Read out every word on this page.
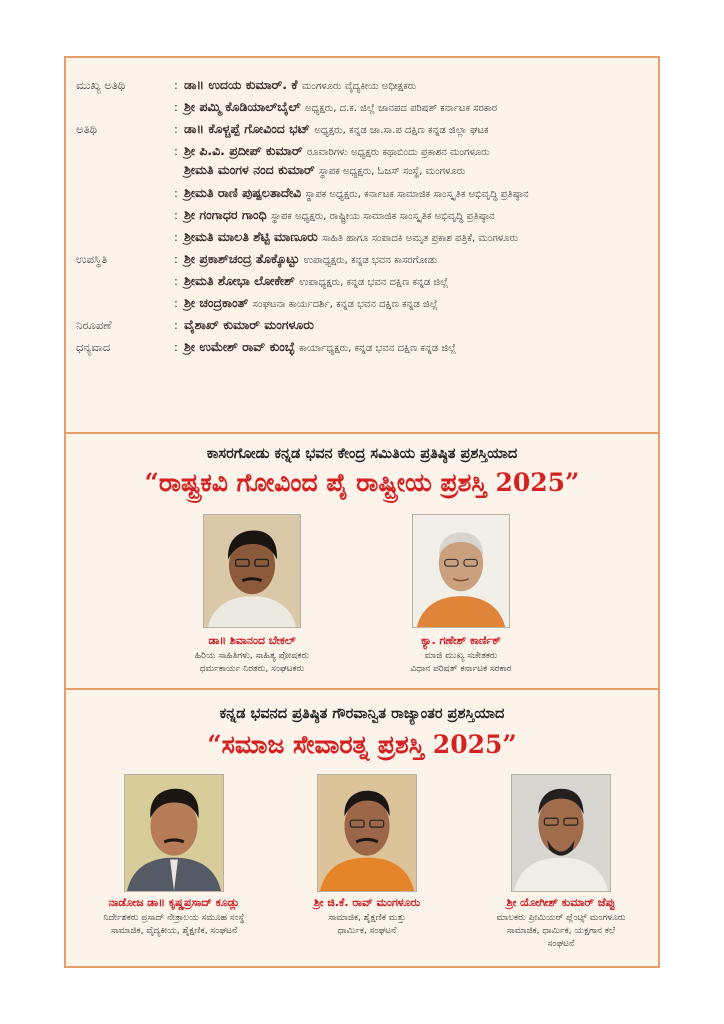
ಮುಖ್ಯ ಅತಿಥಿ	: ಡಾ॥ ಉದಯ ಕುಮಾರ್. ಕೆ ಮಂಗಳೂರು ವೈದ್ಯಕೀಯ ಅಧೀಕ್ಷಕರು
: ಶ್ರೀ ಪಮ್ಮಿ ಕೊಡಿಯಾಲ್‌ಬೈಲ್ ಅಧ್ಯಕ್ಷರು, ದ.ಕ. ಜಿಲ್ಲೆ ಜಾನಪದ ಪರಿಷತ್ ಕರ್ನಾಟಕ ಸರಕಾರ
ಅತಿಥಿ	: ಡಾ॥ ಕೊಳ್ಚಪ್ಪೆ ಗೋವಿಂದ ಭಟ್ ಅಧ್ಯಕ್ಷರು, ಕನ್ನಡ ಜಾ.ಸಾ.ಪ ದಕ್ಷಿಣ ಕನ್ನಡ ಜಿಲ್ಲಾ ಘಟಕ
: ಶ್ರೀ ಪಿ.ವಿ. ಪ್ರದೀಪ್ ಕುಮಾರ್ ರೂವಾರಿಗಳು ಅಧ್ಯಕ್ಷರು ಕಥಾಬಿಂದು ಪ್ರಕಾಶನ ಮಂಗಳೂರು
ಶ್ರೀಮತಿ ಮಂಗಳ ನಂದ ಕುಮಾರ್ ಸ್ಥಾಪಕ ಅಧ್ಯಕ್ಷರು, ಓಜಸ್ ಸಂಸ್ಥೆ, ಮಂಗಳೂರು
: ಶ್ರೀಮತಿ ರಾಣಿ ಪುಷ್ಪಲತಾದೇವಿ ಸ್ಥಾಪಕ ಅಧ್ಯಕ್ಷರು, ಕರ್ನಾಟಕ ಸಾಮಾಜಿಕ ಸಾಂಸ್ಕೃತಿಕ ಅಭಿವೃದ್ಧಿ ಪ್ರತಿಷ್ಠಾನ
: ಶ್ರೀ ಗಂಗಾಧರ ಗಾಂಧಿ ಸ್ಥಾಪಕ ಅಧ್ಯಕ್ಷರು, ರಾಷ್ಟ್ರೀಯ ಸಾಮಾಜಿಕ ಸಾಂಸ್ಕೃತಿಕ ಅಭಿವೃದ್ಧಿ ಪ್ರತಿಷ್ಠಾನ
: ಶ್ರೀಮತಿ ಮಾಲತಿ ಶೆಟ್ಟಿ ಮಾಣೂರು ಸಾಹಿತಿ ಹಾಗೂ ಸಂಪಾದಕಿ ಅಮೃತ ಪ್ರಕಾಶ ಪತ್ರಿಕೆ, ಮಂಗಳೂರು
ಉಪಸ್ಥಿತಿ	: ಶ್ರೀ ಪ್ರಕಾಶ್‌ಚಂದ್ರ ತೊಕ್ಕೊಟ್ಟು ಉಪಾಧ್ಯಕ್ಷರು, ಕನ್ನಡ ಭವನ ಕಾಸರಗೋಡು
: ಶ್ರೀಮತಿ ಶೋಭಾ ಲೋಕೇಶ್ ಉಪಾಧ್ಯಕ್ಷರು, ಕನ್ನಡ ಭವನ ದಕ್ಷಿಣ ಕನ್ನಡ ಜಿಲ್ಲೆ
: ಶ್ರೀ ಚಂದ್ರಕಾಂತ್ ಸಂಘಟನಾ ಕಾರ್ಯದರ್ಶಿ, ಕನ್ನಡ ಭವನ ದಕ್ಷಿಣ ಕನ್ನಡ ಜಿಲ್ಲೆ
ನಿರೂಪಣೆ	: ವೈಶಾಖ್ ಕುಮಾರ್ ಮಂಗಳೂರು
ಧನ್ಯವಾದ	: ಶ್ರೀ ಉಮೇಶ್ ರಾವ್ ಕುಂಬ್ಳೆ ಕಾರ್ಯಾಧ್ಯಕ್ಷರು, ಕನ್ನಡ ಭವನ ದಕ್ಷಿಣ ಕನ್ನಡ ಜಿಲ್ಲೆ
ಕಾಸರಗೋಡು ಕನ್ನಡ ಭವನ ಕೇಂದ್ರ ಸಮಿತಿಯ ಪ್ರತಿಷ್ಠಿತ ಪ್ರಶಸ್ತಿಯಾದ
“ರಾಷ್ಟ್ರಕವಿ ಗೋವಿಂದ ಪೈ ರಾಷ್ಟ್ರೀಯ ಪ್ರಶಸ್ತಿ 2025”
ಡಾ॥ ಶಿವಾನಂದ ಬೇಕಲ್
ಹಿರಿಯ ಸಾಹಿತಿಗಳು, ಸಾಹಿತ್ಯ ಪೋಷಕರು
ಧರ್ಮಕಾರ್ಯ ನಿರತರು, ಸಂಘಟಕರು
ಕ್ಯಾ. ಗಣೇಶ್ ಕಾರ್ಣಿಕ್
ಮಾಜಿ ಮುಖ್ಯ ಸಚೇತಕರು
ವಿಧಾನ ಪರಿಷತ್ ಕರ್ನಾಟಕ ಸರಕಾರ
ಕನ್ನಡ ಭವನದ ಪ್ರತಿಷ್ಠಿತ ಗೌರವಾನ್ವಿತ ರಾಜ್ಯಾಂತರ ಪ್ರಶಸ್ತಿಯಾದ
“ಸಮಾಜ ಸೇವಾರತ್ನ ಪ್ರಶಸ್ತಿ 2025”
ನಾಡೋಜ ಡಾ॥ ಕೃಷ್ಣಪ್ರಸಾದ್ ಕೂಡ್ಲು
ನಿರ್ದೇಶಕರು ಪ್ರಸಾದ್ ನೇತ್ರಾಲಯ ಸಮೂಹ ಸಂಸ್ಥೆ
ಸಾಮಾಜಿಕ, ವೈದ್ಯಕೀಯ, ಶೈಕ್ಷಣಿಕ, ಸಂಘಟನೆ
ಶ್ರೀ ಜಿ.ಕೆ. ರಾವ್ ಮಂಗಳೂರು
ಸಾಮಾಜಿಕ, ಶೈಕ್ಷಣಿಕ ಮತ್ತು
ಧಾರ್ಮಿಕ, ಸಂಘಟನೆ
ಶ್ರೀ ಯೋಗೀಶ್ ಕುಮಾರ್ ಜೆಪ್ಪು
ಮಾಲಕರು ಪ್ರೀಮಿಯರ್ ಪ್ಲೆಂಟ್ಸ್ ಮಂಗಳೂರು
ಸಾಮಾಜಿಕ, ಧಾರ್ಮಿಕ, ಯಕ್ಷಗಾನ ಕಲೆ
ಸಂಘಟನೆ
